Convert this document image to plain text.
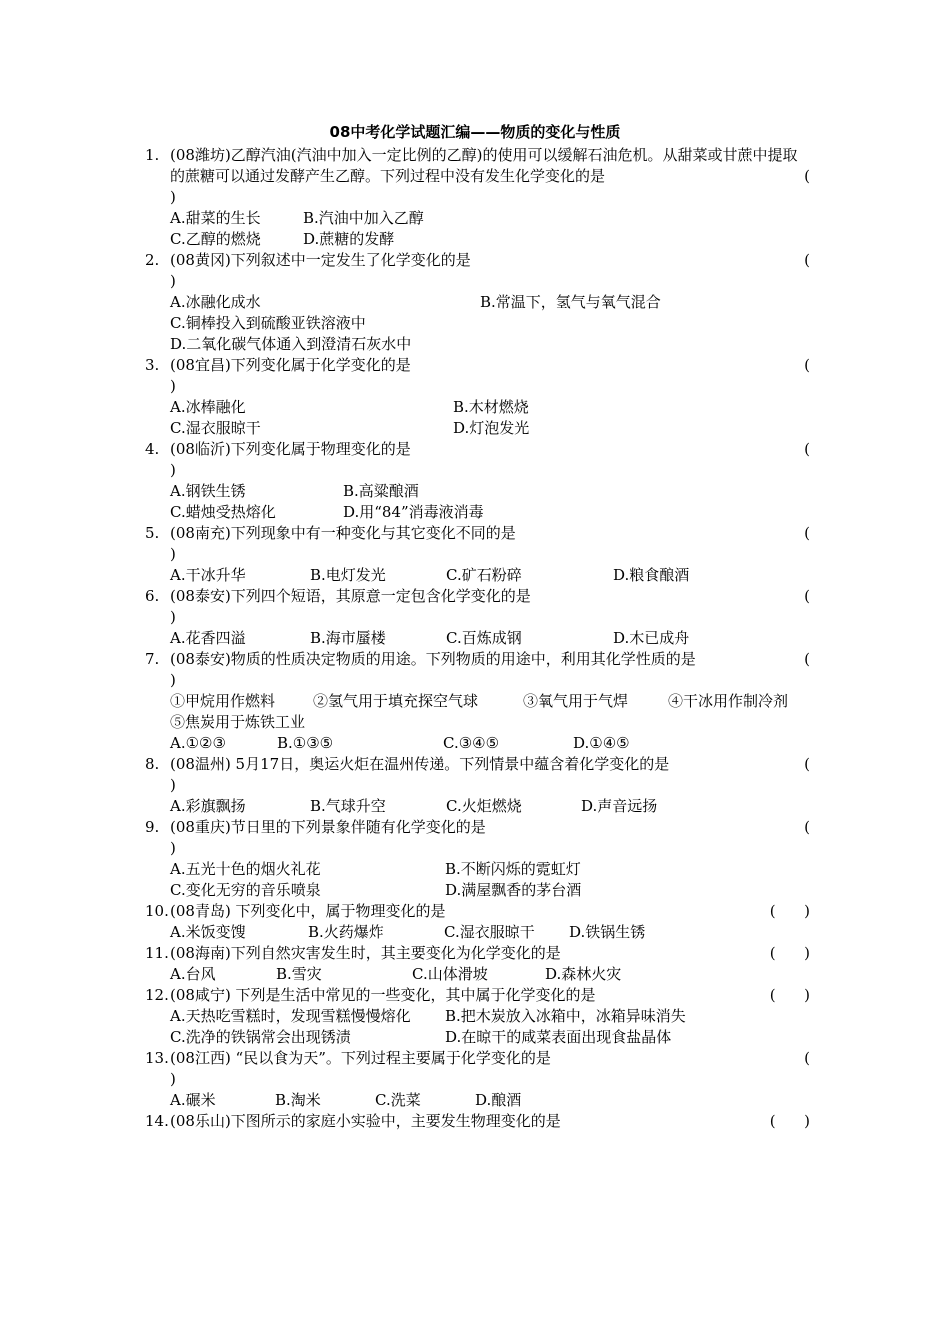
08中考化学试题汇编——物质的变化与性质
1. (08潍坊)乙醇汽油(汽油中加入一定比例的乙醇)的使用可以缓解石油危机。从甜菜或甘蔗中提取的蔗糖可以通过发酵产生乙醇。下列过程中没有发生化学变化的是	(
)
A.甜菜的生长	B.汽油中加入乙醇
C.乙醇的燃烧	D.蔗糖的发酵
2. (08黄冈)下列叙述中一定发生了化学变化的是	(
)
A.冰融化成水	B.常温下，氢气与氧气混合
C.铜棒投入到硫酸亚铁溶液中
D.二氧化碳气体通入到澄清石灰水中
3. (08宜昌)下列变化属于化学变化的是	(
)
A.冰棒融化	B.木材燃烧
C.湿衣服晾干	D.灯泡发光
4. (08临沂)下列变化属于物理变化的是	(
)
A.钢铁生锈	B.高粱酿酒
C.蜡烛受热熔化	D.用“84”消毒液消毒
5. (08南充)下列现象中有一种变化与其它变化不同的是	(
)
A.干冰升华	B.电灯发光	C.矿石粉碎	D.粮食酿酒
6. (08泰安)下列四个短语，其原意一定包含化学变化的是	(
)
A.花香四溢	B.海市蜃楼	C.百炼成钢	D.木已成舟
7. (08泰安)物质的性质决定物质的用途。下列物质的用途中，利用其化学性质的是	(
)
①甲烷用作燃料	②氢气用于填充探空气球	③氧气用于气焊	④干冰用作制冷剂
⑤焦炭用于炼铁工业
A.①②③	B.①③⑤	C.③④⑤	D.①④⑤
8. (08温州) 5月17日，奥运火炬在温州传递。下列情景中蕴含着化学变化的是	(
)
A.彩旗飘扬	B.气球升空	C.火炬燃烧	D.声音远扬
9. (08重庆)节日里的下列景象伴随有化学变化的是	(
)
A.五光十色的烟火礼花	B.不断闪烁的霓虹灯
C.变化无穷的音乐喷泉	D.满屋飘香的茅台酒
10. (08青岛) 下列变化中，属于物理变化的是	(      )
A.米饭变馊	B.火药爆炸	C.湿衣服晾干	D.铁锅生锈
11. (08海南)下列自然灾害发生时，其主要变化为化学变化的是	(      )
A.台风	B.雪灾	C.山体滑坡	D.森林火灾
12. (08咸宁) 下列是生活中常见的一些变化，其中属于化学变化的是	(      )
A.天热吃雪糕时，发现雪糕慢慢熔化	B.把木炭放入冰箱中，冰箱异味消失
C.洗净的铁锅常会出现锈渍	D.在晾干的咸菜表面出现食盐晶体
13. (08江西) “民以食为天”。下列过程主要属于化学变化的是	(
)
A.碾米	B.淘米	C.洗菜	D.酿酒
14. (08乐山)下图所示的家庭小实验中，主要发生物理变化的是	(      )
